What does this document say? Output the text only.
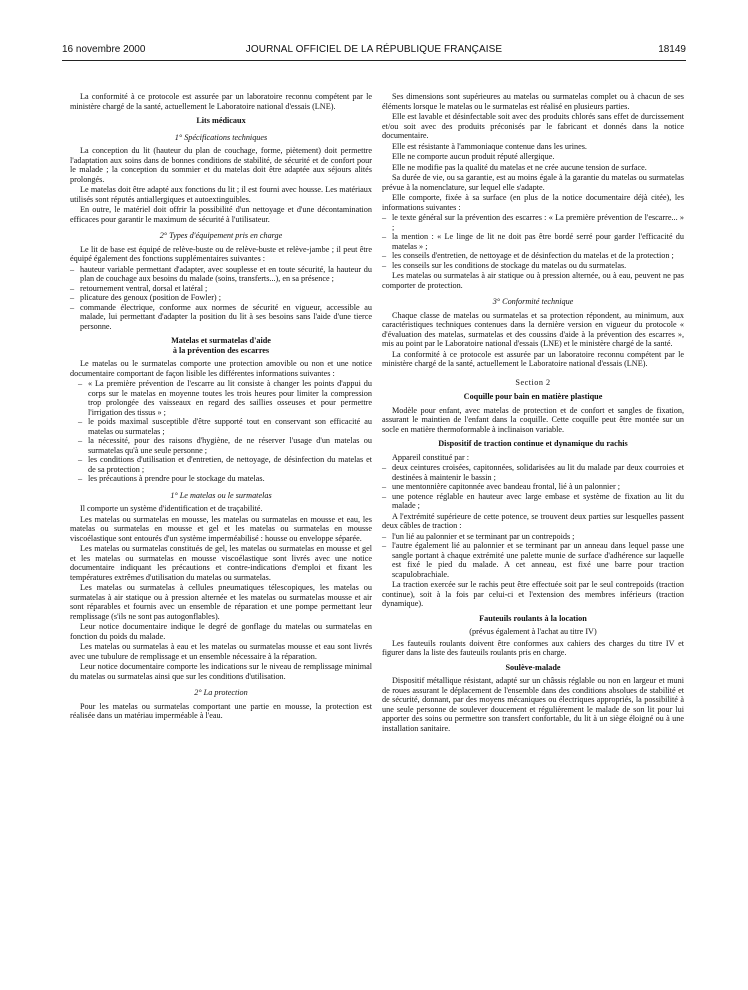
16 novembre 2000	JOURNAL OFFICIEL DE LA RÉPUBLIQUE FRANÇAISE	18149

La conformité à ce protocole est assurée par un laboratoire reconnu compétent par le ministère chargé de la santé, actuellement le Laboratoire national d'essais (LNE).

Lits médicaux
1° Spécifications techniques

La conception du lit (hauteur du plan de couchage, forme, piètement) doit permettre l'adaptation aux soins dans de bonnes conditions de stabilité, de sécurité et de confort pour le malade ; la conception du sommier et du matelas doit être adaptée aux séjours alités prolongés.

Le matelas doit être adapté aux fonctions du lit ; il est fourni avec housse. Les matériaux utilisés sont réputés antiallergiques et autoextinguibles.

En outre, le matériel doit offrir la possibilité d'un nettoyage et d'une décontamination efficaces pour garantir le maximum de sécurité à l'utilisateur.

2° Types d'équipement pris en charge

Le lit de base est équipé de relève-buste ou de relève-buste et relève-jambe ; il peut être équipé également des fonctions supplémentaires suivantes :

– hauteur variable permettant d'adapter, avec souplesse et en toute sécurité, la hauteur du plan de couchage aux besoins du malade (soins, transferts...), en sa présence ;
– retournement ventral, dorsal et latéral ;
– plicature des genoux (position de Fowler) ;
– commande électrique, conforme aux normes de sécurité en vigueur, accessible au malade, lui permettant d'adapter la position du lit à ses besoins sans l'aide d'une tierce personne.
Matelas et surmatelas d'aide
à la prévention des escarres

Le matelas ou le surmatelas comporte une protection amovible ou non et une notice documentaire comportant de façon lisible les différentes informations suivantes :

– « La première prévention de l'escarre au lit consiste à changer les points d'appui du corps sur le matelas en moyenne toutes les trois heures pour limiter la compression trop prolongée des vaisseaux en regard des saillies osseuses et pour permettre l'irrigation des tissus » ;
– le poids maximal susceptible d'être supporté tout en conservant son efficacité au matelas ou surmatelas ;
– la nécessité, pour des raisons d'hygiène, de ne réserver l'usage d'un matelas ou surmatelas qu'à une seule personne ;
– les conditions d'utilisation et d'entretien, de nettoyage, de désinfection du matelas et de sa protection ;
– les précautions à prendre pour le stockage du matelas.
1° Le matelas ou le surmatelas

Il comporte un système d'identification et de traçabilité.

Les matelas ou surmatelas en mousse, les matelas ou surmatelas en mousse et eau, les matelas ou surmatelas en mousse et gel et les matelas ou surmatelas en mousse viscoélastique sont entourés d'un système imperméabilisé : housse ou enveloppe séparée.

Les matelas ou surmatelas constitués de gel, les matelas ou surmatelas en mousse et gel et les matelas ou surmatelas en mousse viscoélastique sont livrés avec une notice documentaire indiquant les précautions et contre-indications d'emploi et fixant les températures extrêmes d'utilisation du matelas ou surmatelas.

Les matelas ou surmatelas à cellules pneumatiques télescopiques, les matelas ou surmatelas à air statique ou à pression alternée et les matelas ou surmatelas mousse et air sont réparables et fournis avec un ensemble de réparation et une pompe permettant leur remplissage (s'ils ne sont pas autogonflables).

Leur notice documentaire indique le degré de gonflage du matelas ou surmatelas en fonction du poids du malade.

Les matelas ou surmatelas à eau et les matelas ou surmatelas mousse et eau sont livrés avec une tubulure de remplissage et un ensemble nécessaire à la réparation.

Leur notice documentaire comporte les indications sur le niveau de remplissage minimal du matelas ou surmatelas ainsi que sur les conditions d'utilisation.

2° La protection

Pour les matelas ou surmatelas comportant une partie en mousse, la protection est réalisée dans un matériau imperméable à l'eau.

Ses dimensions sont supérieures au matelas ou surmatelas complet ou à chacun de ses éléments lorsque le matelas ou le surmatelas est réalisé en plusieurs parties.

Elle est lavable et désinfectable soit avec des produits chlorés sans effet de durcissement et/ou soit avec des produits préconisés par le fabricant et donnés dans la notice documentaire.

Elle est résistante à l'ammoniaque contenue dans les urines.

Elle ne comporte aucun produit réputé allergique.

Elle ne modifie pas la qualité du matelas et ne crée aucune tension de surface.

Sa durée de vie, ou sa garantie, est au moins égale à la garantie du matelas ou surmatelas prévue à la nomenclature, sur lequel elle s'adapte.

Elle comporte, fixée à sa surface (en plus de la notice documentaire déjà citée), les informations suivantes :

– le texte général sur la prévention des escarres : « La première prévention de l'escarre... » ;
– la mention : « Le linge de lit ne doit pas être bordé serré pour garder l'efficacité du matelas » ;
– les conseils d'entretien, de nettoyage et de désinfection du matelas et de la protection ;
– les conseils sur les conditions de stockage du matelas ou du surmatelas.

Les matelas ou surmatelas à air statique ou à pression alternée, ou à eau, peuvent ne pas comporter de protection.

3° Conformité technique

Chaque classe de matelas ou surmatelas et sa protection répondent, au minimum, aux caractéristiques techniques contenues dans la dernière version en vigueur du protocole « d'évaluation des matelas, surmatelas et des coussins d'aide à la prévention des escarres », mis au point par le Laboratoire national d'essais (LNE) et le ministère chargé de la santé.

La conformité à ce protocole est assurée par un laboratoire reconnu compétent par le ministère chargé de la santé, actuellement le Laboratoire national d'essais (LNE).

Section 2
Coquille pour bain en matière plastique

Modèle pour enfant, avec matelas de protection et de confort et sangles de fixation, assurant le maintien de l'enfant dans la coquille. Cette coquille peut être montée sur un socle en matière thermoformable à inclinaison variable.

Dispositif de traction continue et dynamique du rachis

Appareil constitué par :

– deux ceintures croisées, capitonnées, solidarisées au lit du malade par deux courroies et destinées à maintenir le bassin ;
– une mentonnière capitonnée avec bandeau frontal, lié à un palonnier ;
– une potence réglable en hauteur avec large embase et système de fixation au lit du malade ;

A l'extrémité supérieure de cette potence, se trouvent deux parties sur lesquelles passent deux câbles de traction :

– l'un lié au palonnier et se terminant par un contrepoids ;
– l'autre également lié au palonnier et se terminant par un anneau dans lequel passe une sangle portant à chaque extrémité une palette munie de surface d'adhérence sur laquelle est fixé le pied du malade. A cet anneau, est fixé une barre pour traction scapulobrachiale.

La traction exercée sur le rachis peut être effectuée soit par le seul contrepoids (traction continue), soit à la fois par celui-ci et l'extension des membres inférieurs (traction dynamique).

Fauteuils roulants à la location
(prévus également à l'achat au titre IV)

Les fauteuils roulants doivent être conformes aux cahiers des charges du titre IV et figurer dans la liste des fauteuils roulants pris en charge.

Soulève-malade

Dispositif métallique résistant, adapté sur un châssis réglable ou non en largeur et muni de roues assurant le déplacement de l'ensemble dans des conditions absolues de stabilité et de sécurité, donnant, par des moyens mécaniques ou électriques appropriés, la possibilité à une seule personne de soulever doucement et régulièrement le malade de son lit pour lui apporter des soins ou permettre son transfert confortable, du lit à un siège éloigné ou à une installation sanitaire.
